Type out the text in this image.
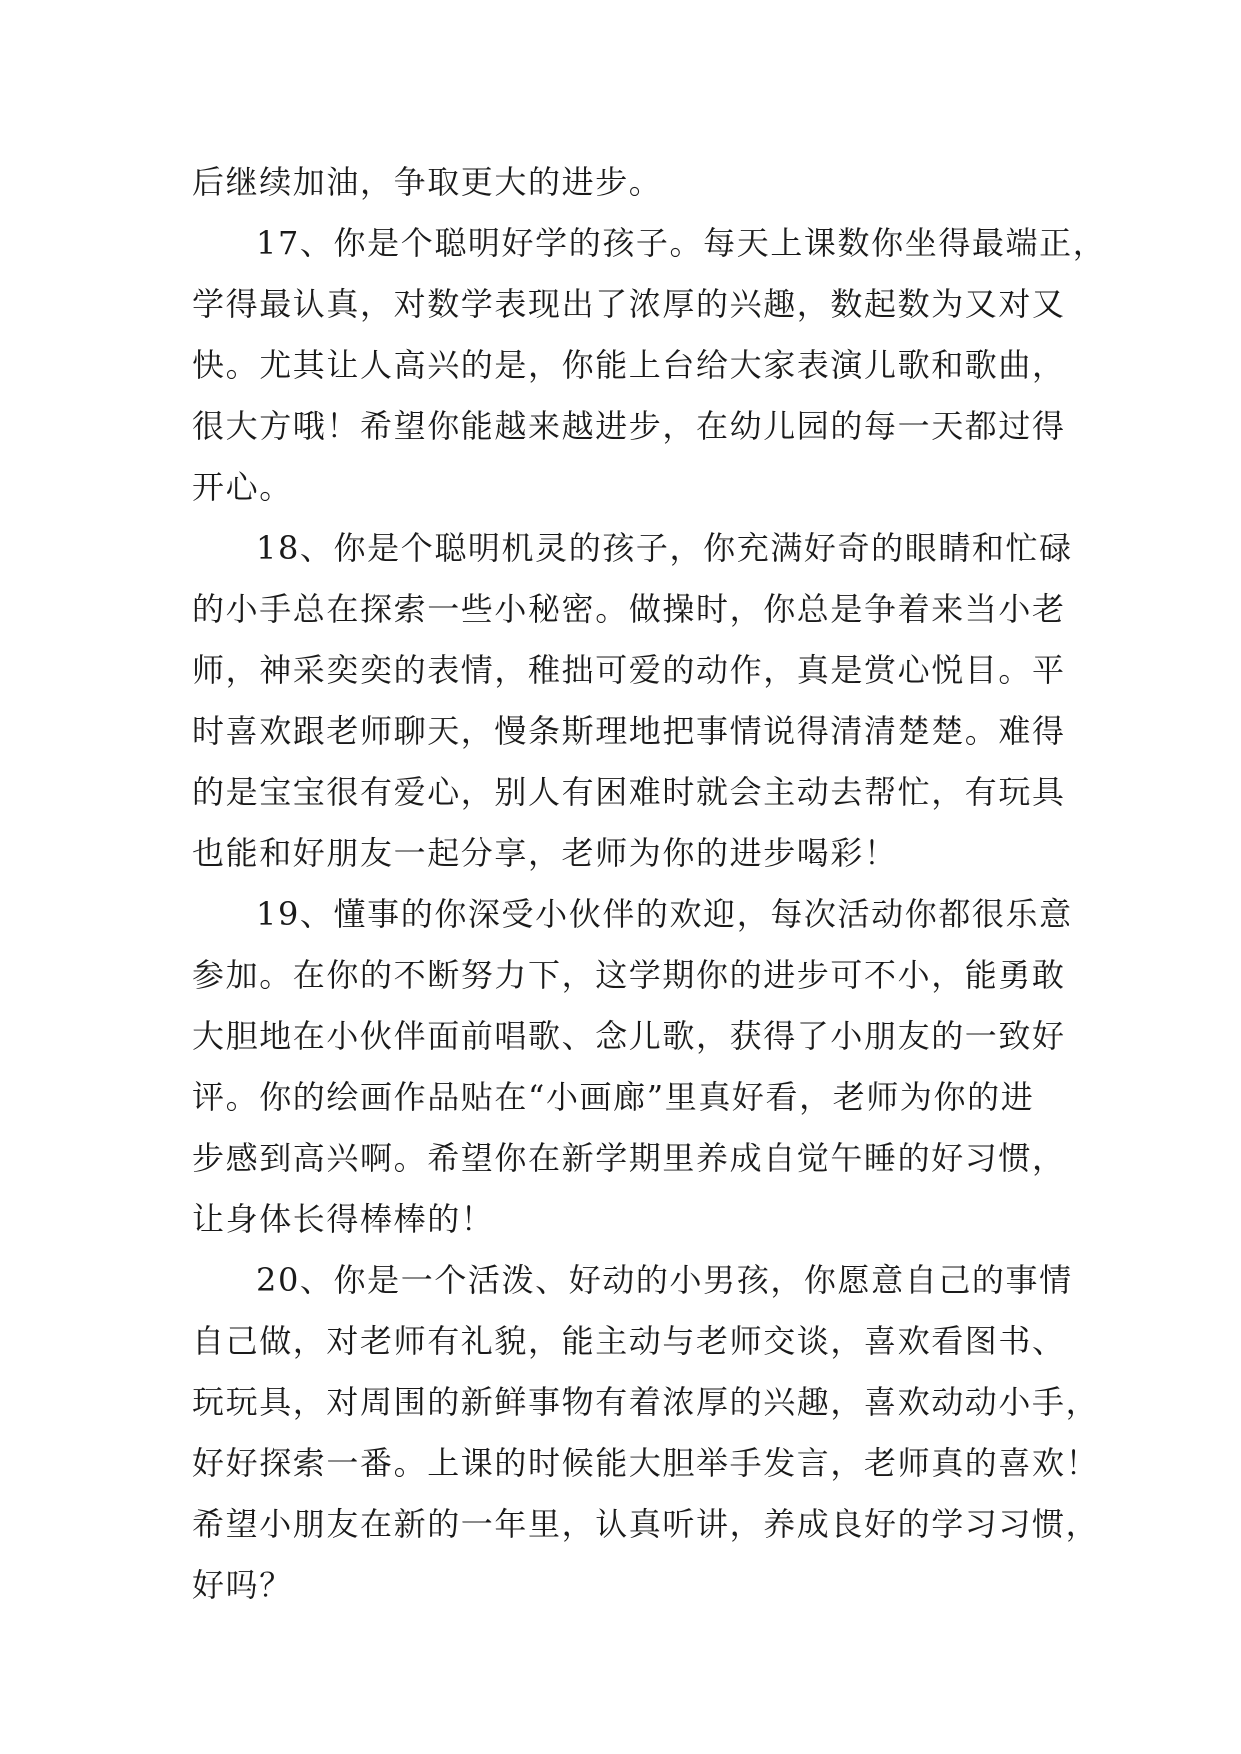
后继续加油，争取更大的进步。
17、你是个聪明好学的孩子。每天上课数你坐得最端正，
学得最认真，对数学表现出了浓厚的兴趣，数起数为又对又
快。尤其让人高兴的是，你能上台给大家表演儿歌和歌曲，
很大方哦！希望你能越来越进步，在幼儿园的每一天都过得
开心。
18、你是个聪明机灵的孩子，你充满好奇的眼睛和忙碌
的小手总在探索一些小秘密。做操时，你总是争着来当小老
师，神采奕奕的表情，稚拙可爱的动作，真是赏心悦目。平
时喜欢跟老师聊天，慢条斯理地把事情说得清清楚楚。难得
的是宝宝很有爱心，别人有困难时就会主动去帮忙，有玩具
也能和好朋友一起分享，老师为你的进步喝彩！
19、懂事的你深受小伙伴的欢迎，每次活动你都很乐意
参加。在你的不断努力下，这学期你的进步可不小，能勇敢
大胆地在小伙伴面前唱歌、念儿歌，获得了小朋友的一致好
评。你的绘画作品贴在“小画廊”里真好看，老师为你的进
步感到高兴啊。希望你在新学期里养成自觉午睡的好习惯，
让身体长得棒棒的！
20、你是一个活泼、好动的小男孩，你愿意自己的事情
自己做，对老师有礼貌，能主动与老师交谈，喜欢看图书、
玩玩具，对周围的新鲜事物有着浓厚的兴趣，喜欢动动小手，
好好探索一番。上课的时候能大胆举手发言，老师真的喜欢！
希望小朋友在新的一年里，认真听讲，养成良好的学习习惯，
好吗？
